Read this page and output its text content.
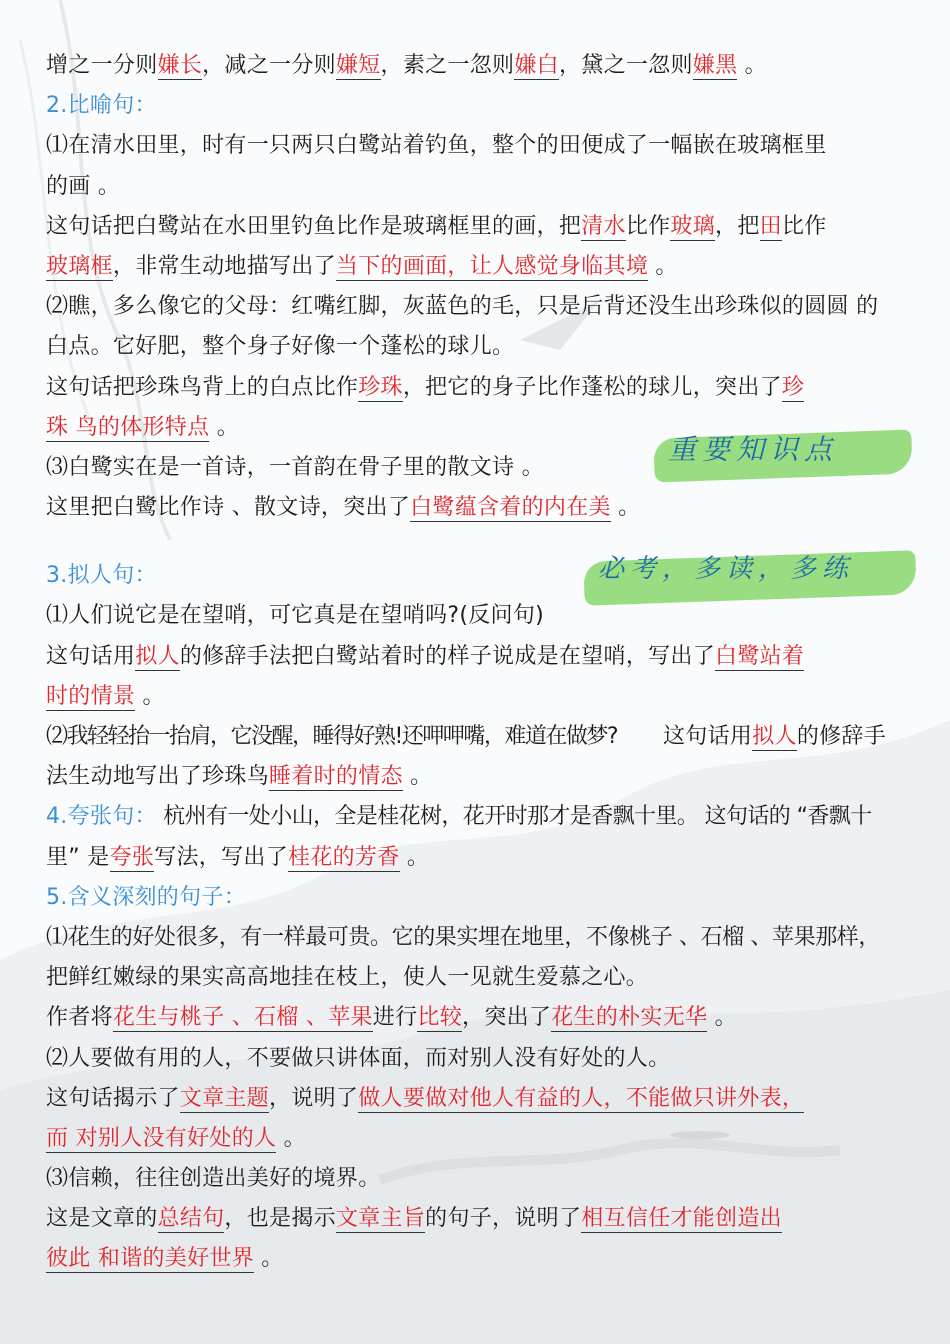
重要知识点
必考，多读，多练
增之一分则嫌长，减之一分则嫌短，素之一忽则嫌白，黛之一忽则嫌黑 。
2.比喻句：
⑴在清水田里，时有一只两只白鹭站着钓鱼，整个的田便成了一幅嵌在玻璃框里
的画 。
这句话把白鹭站在水田里钓鱼比作是玻璃框里的画，把清水比作玻璃，把田比作
玻璃框，非常生动地描写出了当下的画面，让人感觉身临其境 。
⑵瞧，多么像它的父母：红嘴红脚，灰蓝色的毛，只是后背还没生出珍珠似的圆圆 的
白点。它好肥，整个身子好像一个蓬松的球儿。
这句话把珍珠鸟背上的白点比作珍珠，把它的身子比作蓬松的球儿，突出了珍
珠 鸟的体形特点 。
⑶白鹭实在是一首诗，一首韵在骨子里的散文诗 。
这里把白鹭比作诗 、散文诗，突出了白鹭蕴含着的内在美 。
3.拟人句：
⑴人们说它是在望哨，可它真是在望哨吗?(反问句)
这句话用拟人的修辞手法把白鹭站着时的样子说成是在望哨，写出了白鹭站着
时的情景 。
⑵我轻轻抬一抬肩，它没醒，睡得好熟!还呷呷嘴，难道在做梦? 这句话用拟人的修辞手
法生动地写出了珍珠鸟睡着时的情态 。
4.夸张句： 杭州有一处小山，全是桂花树，花开时那才是香飘十里。 这句话的 “香飘十
里” 是夸张写法，写出了桂花的芳香 。
5.含义深刻的句子：
⑴花生的好处很多，有一样最可贵。它的果实埋在地里，不像桃子 、石榴 、苹果那样，
把鲜红嫩绿的果实高高地挂在枝上，使人一见就生爱慕之心。
作者将花生与桃子 、石榴 、苹果进行比较，突出了花生的朴实无华 。
⑵人要做有用的人，不要做只讲体面，而对别人没有好处的人。
这句话揭示了文章主题，说明了做人要做对他人有益的人，不能做只讲外表，
而 对别人没有好处的人 。
⑶信赖，往往创造出美好的境界。
这是文章的总结句，也是揭示文章主旨的句子，说明了相互信任才能创造出
彼此 和谐的美好世界 。
